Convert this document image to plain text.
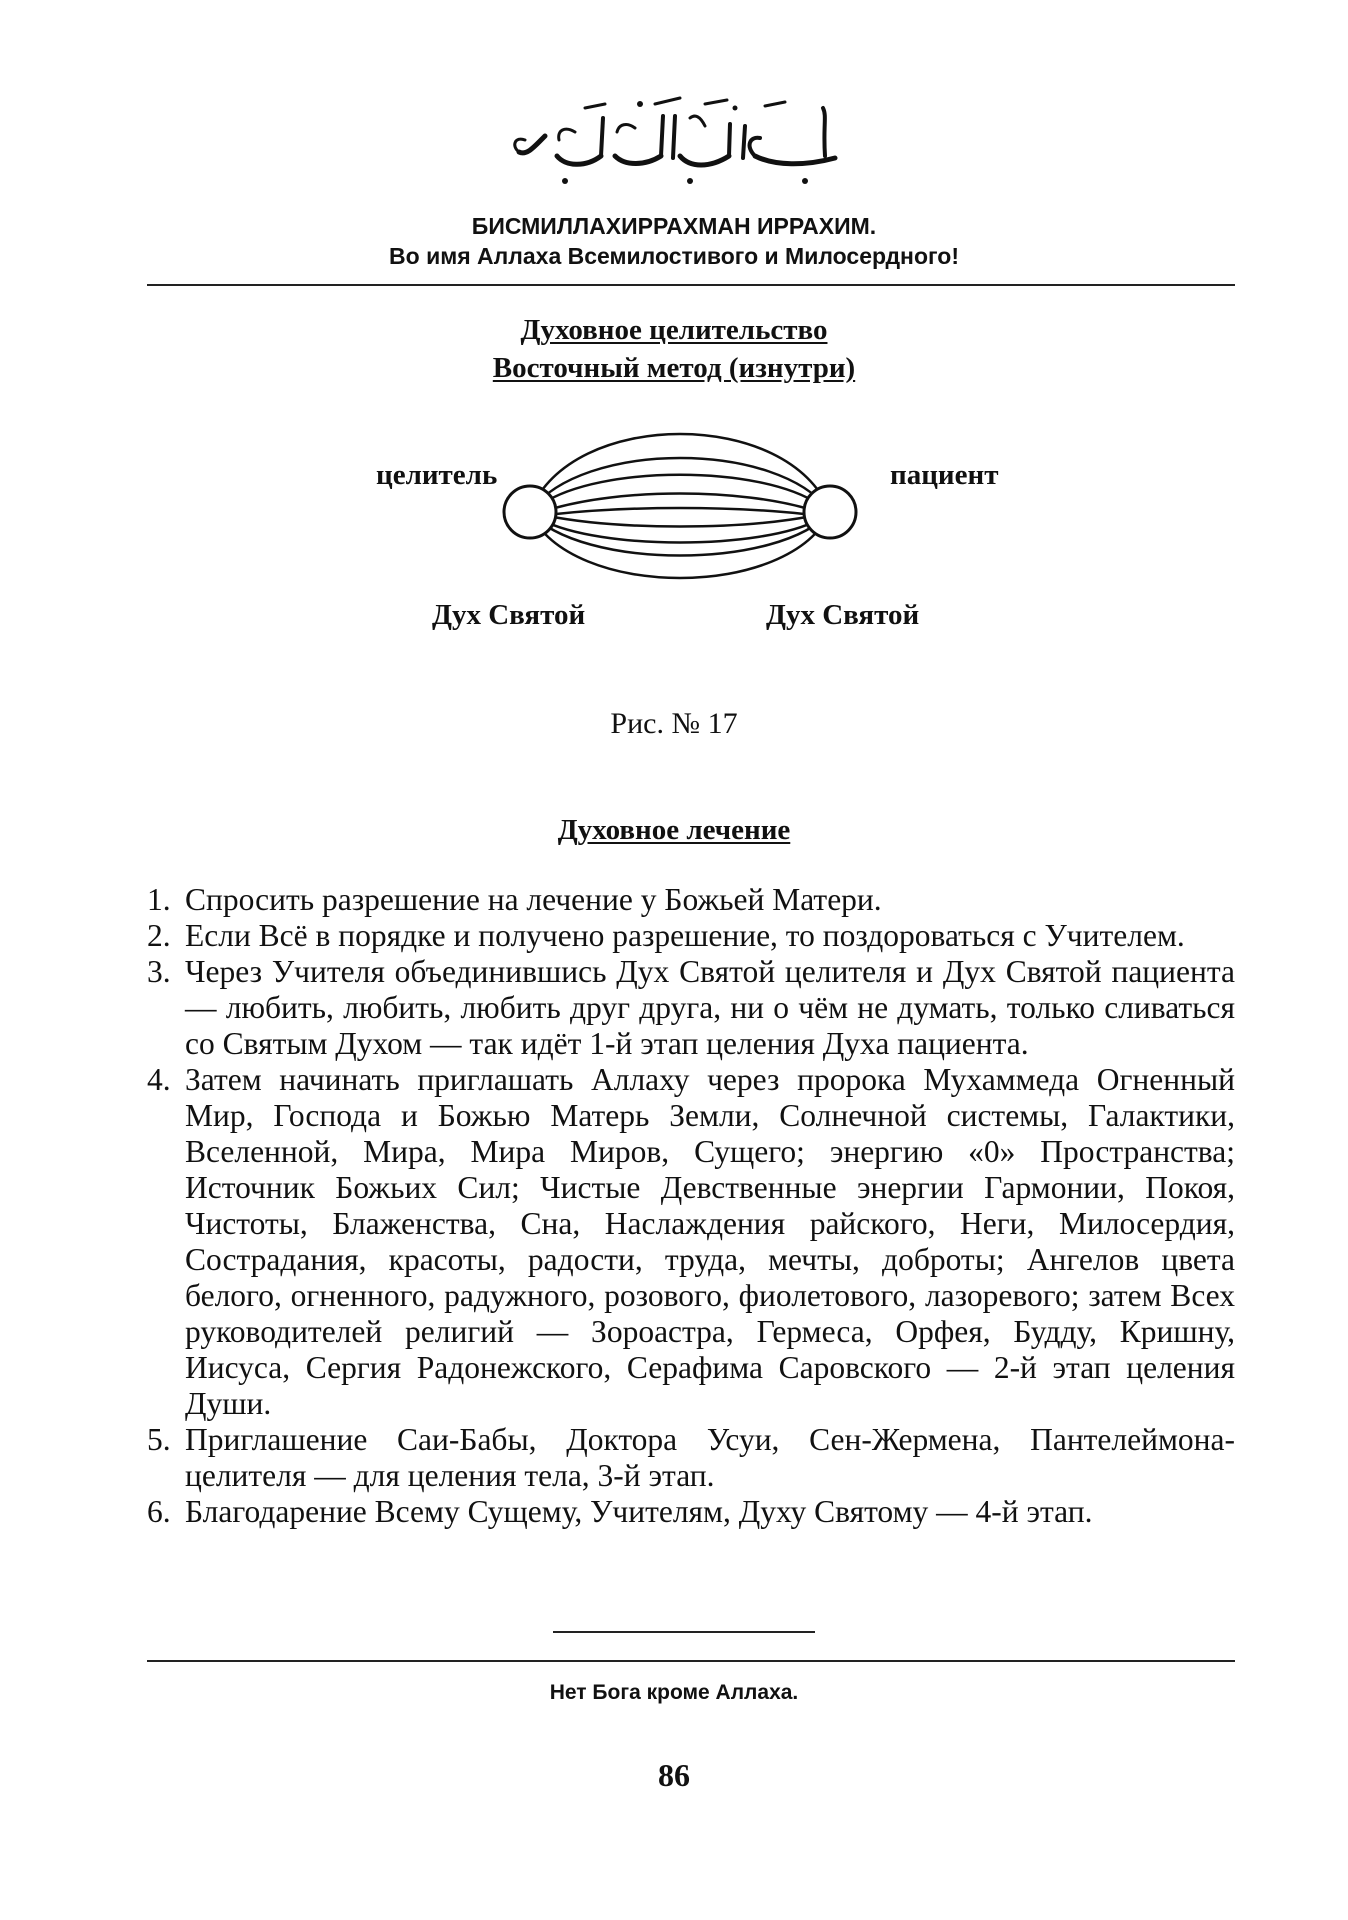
БИСМИЛЛАХИРРАХМАН ИРРАХИМ.
Во имя Аллаха Всемилостивого и Милосердного!
Духовное целительство
Восточный метод (изнутри)
целитель	пациент
Дух Святой	Дух Святой
Рис. № 17
Духовное лечение
1. Спросить разрешение на лечение у Божьей Матери.
2. Если Всё в порядке и получено разрешение, то поздороваться с Учителем.
3. Через Учителя объединившись Дух Святой целителя и Дух Святой пациента — любить, любить, любить друг друга, ни о чём не думать, только сливаться со Святым Духом — так идёт 1-й этап целения Духа пациента.
4. Затем начинать приглашать Аллаху через пророка Мухаммеда Огненный Мир, Господа и Божью Матерь Земли, Солнечной системы, Галактики, Вселенной, Мира, Мира Миров, Сущего; энергию «0» Пространства; Источник Божьих Сил; Чистые Девственные энергии Гармонии, Покоя, Чистоты, Блаженства, Сна, Наслаждения райского, Неги, Милосердия, Сострадания, красоты, радости, труда, мечты, доброты; Ангелов цвета белого, огненного, радужного, розового, фиолетового, лазоревого; затем Всех руководителей религий — Зороастра, Гермеса, Орфея, Будду, Кришну, Иисуса, Сергия Радонежского, Серафима Саровского — 2-й этап целения Души.
5. Приглашение Саи-Бабы, Доктора Усуи, Сен-Жермена, Пантелеймона-целителя — для целения тела, 3-й этап.
6. Благодарение Всему Сущему, Учителям, Духу Святому — 4-й этап.
Нет Бога кроме Аллаха.
86
